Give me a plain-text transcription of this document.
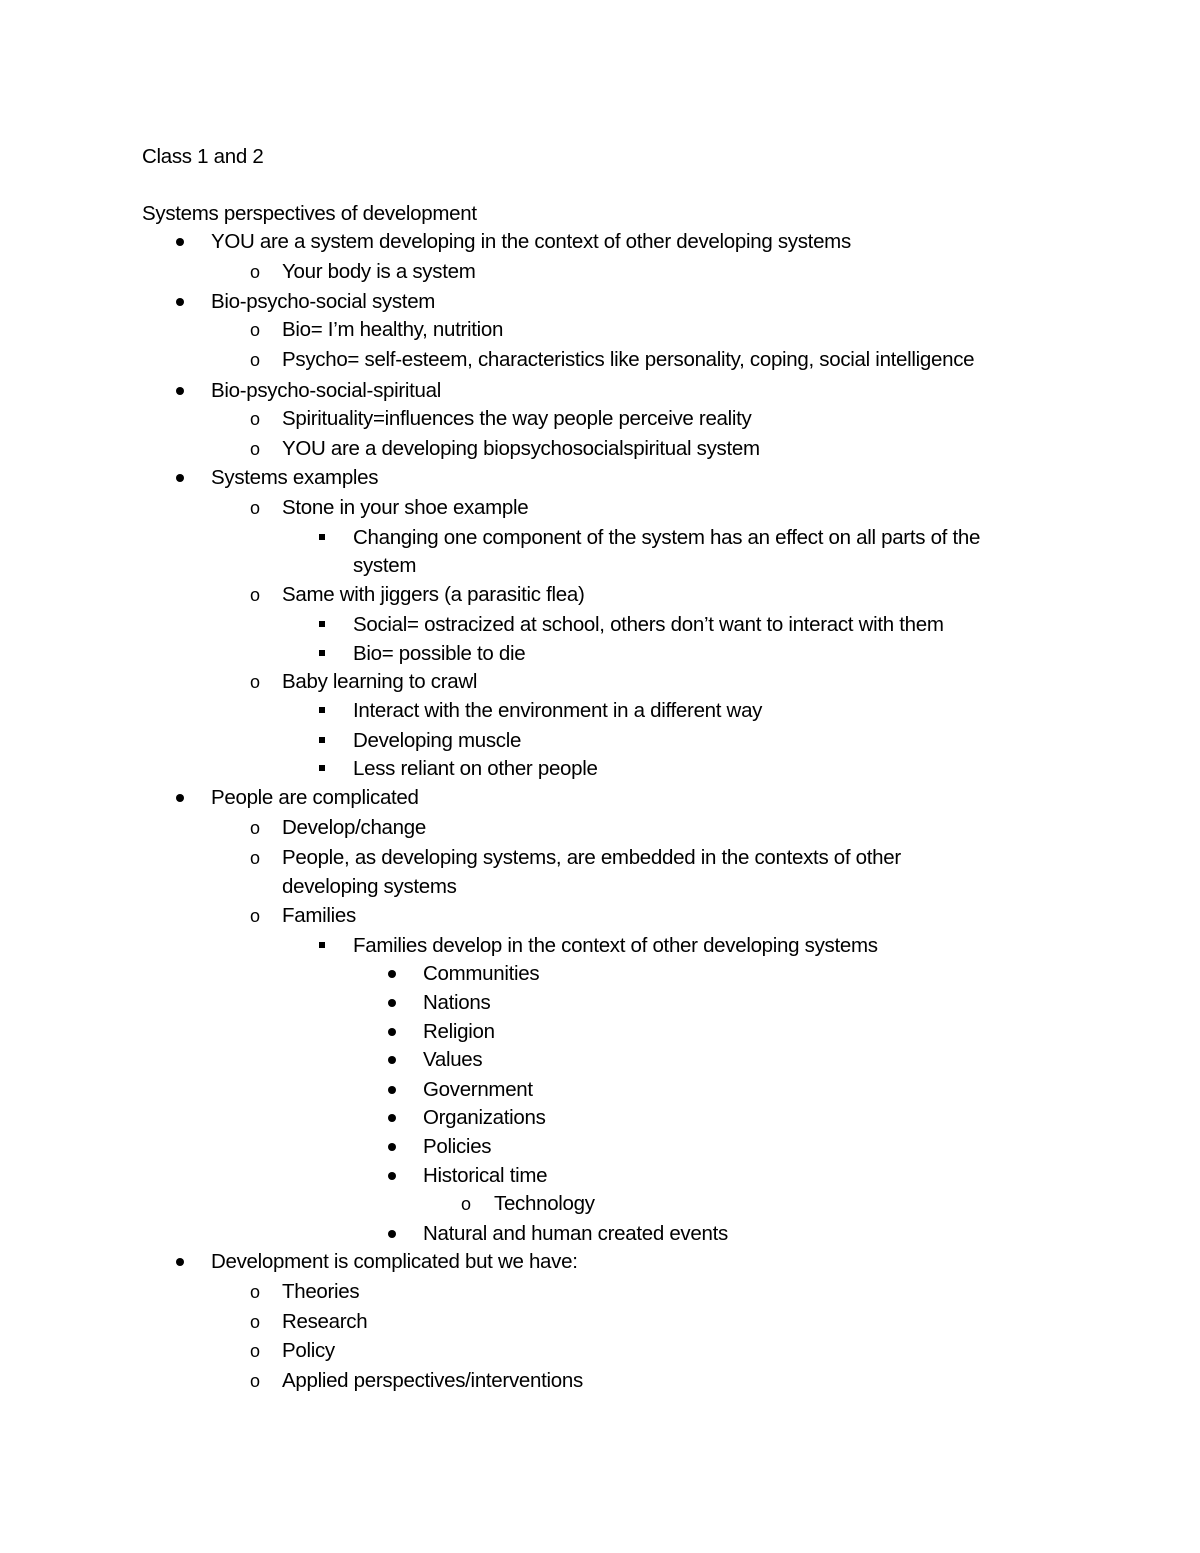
Class 1 and 2
Systems perspectives of development
YOU are a system developing in the context of other developing systems
o Your body is a system
Bio-psycho-social system
o Bio= I’m healthy, nutrition
o Psycho= self-esteem, characteristics like personality, coping, social intelligence
Bio-psycho-social-spiritual
o Spirituality=influences the way people perceive reality
o YOU are a developing biopsychosocialspiritual system
Systems examples
o Stone in your shoe example
Changing one component of the system has an effect on all parts of the
system
o Same with jiggers (a parasitic flea)
Social= ostracized at school, others don’t want to interact with them
Bio= possible to die
o Baby learning to crawl
Interact with the environment in a different way
Developing muscle
Less reliant on other people
People are complicated
o Develop/change
o People, as developing systems, are embedded in the contexts of other
developing systems
o Families
Families develop in the context of other developing systems
Communities
Nations
Religion
Values
Government
Organizations
Policies
Historical time
o Technology
Natural and human created events
Development is complicated but we have:
o Theories
o Research
o Policy
o Applied perspectives/interventions
